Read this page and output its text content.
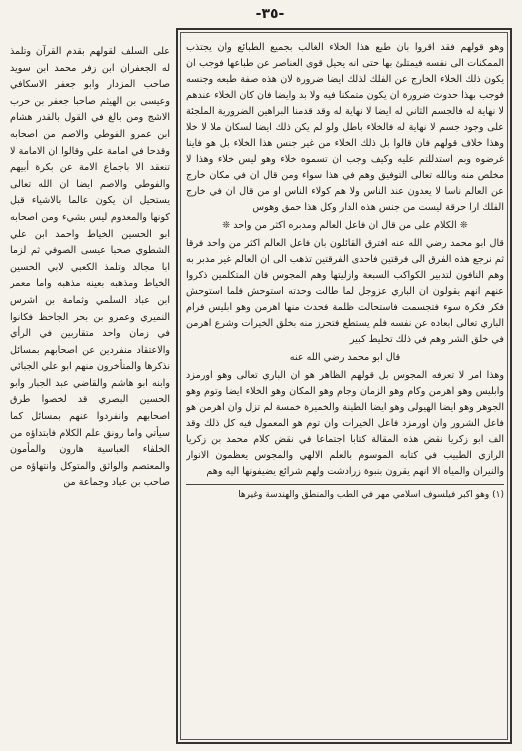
-٣٥-

على السلف لقولهم بقدم القرآن وتلمذ له الجعفران ابن زفر محمد ابن سوید صاحب المزدار وابو جعفر الاسكافي وعيسى بن الهيثم صاحبا جعفر بن حرب الاشج ومن بالغ في القول بالقدر هشام ابن عمرو الفوطي والاصم من اصحابه وقدحا في امامة علي وقالوا ان الامامة لا تنعقد الا باجماع الامة عن بكرة أبيهم والفوطي والاصم ايضا ان الله تعالى يستحيل ان يكون عالما بالاشياء قبل كونها والمعدوم ليس بشيء ومن اصحابه ابو الحسين الخياط واحمد ابن علي الشطوي صحبا عيسى الصوفي ثم لزما ابا مجالد وتلمذ الكعبي لابي الحسين الخياط ومذهبه بعينه مذهبه واما معمر ابن عباد السلمي وثمامة بن اشرس النميري وعمرو بن بحر الجاحظ فكانوا في زمان واحد متقاربين في الرأي والاعتقاد منفردين عن اصحابهم بمسائل نذكرها والمتأخرون منهم ابو علي الجبائي وابنه ابو هاشم والقاضي عبد الجبار وابو الحسين البصري قد لخصوا طرق اصحابهم وانفردوا عنهم بمسائل كما سيأتي واما رونق علم الكلام فابتداؤه من الخلفاء العباسية هارون والمأمون والمعتصم والواثق والمتوكل وانتهاؤه من صاحب بن عباد وجماعة من

وهو قولهم فقد اقروا بان طبع هذا الخلاء الغالب بجميع الطبائع وان يجتذب الممكنات الى نفسه فيمتلئ بها حتى انه يحيل قوى العناصر عن طباعها فوجب ان يكون ذلك الخلاء الخارج عن الفلك لذلك ايضا ضرورة لان هذه صفة طبعه وجنسه فوجب بهذا حدوث ضرورة ان يكون متمكنا فيه ولا بد وايضا فان كان الخلاء عندهم لا نهاية له فالجسم الثاني له ايضا لا نهاية له وقد قدمنا البراهين الضرورية الملجئة على وجود جسم لا نهاية له فالخلاء باطل ولو لم يكن ذلك ايضا لسكان ملا لا خلا وهذا خلاف قولهم فان قالوا بل ذلك الخلاء من غير جنس هذا الخلاء بل هو فاينا غرضوه وبم استدللتم عليه وكيف وجب ان تسموه خلاء وهو ليس خلاء وهذا لا مخلص منه وبالله تعالى التوفيق وهم في هذا سواء ومن قال ان في مكان خارج عن العالم ناسا لا يعدون عند الناس ولا هم كولاء الناس او من قال ان في خارج الفلك ارا حرقة ليست من جنس هذه الدار وكل هذا حمق وهوس

❊ الكلام على من قال ان فاعل العالم ومدبره اكثر من واحد ❊

قال ابو محمد رضي الله عنه افترق القائلون بان فاعل العالم اكثر من واحد فرقا ثم نرجع هذه الفرق الى فرقتين فاحدى الفرقتين تذهب الى ان العالم غير مدبر به وهم النافون لتدبير الكواكب السبعة وازليتها وهم المجوس فان المتكلمين ذكروا عنهم انهم يقولون ان الباري عزوجل لما طالت وحدته استوحش فلما استوحش فكر فكرة سوء فتجسمت فاستحالت ظلمة فحدث منها اهرمن وهو ابليس فرام الباري تعالى ابعاده عن نفسه فلم يستطع فتحرز منه بخلق الخيرات وشرع اهرمن في خلق الشر وهم في ذلك تخليط كبير

قال ابو محمد رضي الله عنه

وهذا امر لا تعرفه المجوس بل قولهم الظاهر هو ان الباري تعالى وهو اورمزد وابليس وهو اهرمن وكام وهو الزمان وجام وهو المكان وهو الخلاء ايضا وتوم وهو الجوهر وهو ايضا الهيولى وهو ايضا الطينة والخميرة خمسة لم تزل وان اهرمن هو فاعل الشرور وان اورمزد فاعل الخيرات وان توم هو المعمول فيه كل ذلك وقد الف ابو زكريا نقض هذه المقالة كتابا اجتماعا في نقض كلام محمد بن زكريا الرازي الطبيب في كتابه الموسوم بالعلم الالهي والمجوس يعظمون الانوار والنيران والمياه الا انهم يقرون بنبوة زرادشت ولهم شرائع يضيفونها اليه وهم

(١) وهو اكبر فيلسوف اسلامي مهر في الطب والمنطق والهندسة وغيرها
